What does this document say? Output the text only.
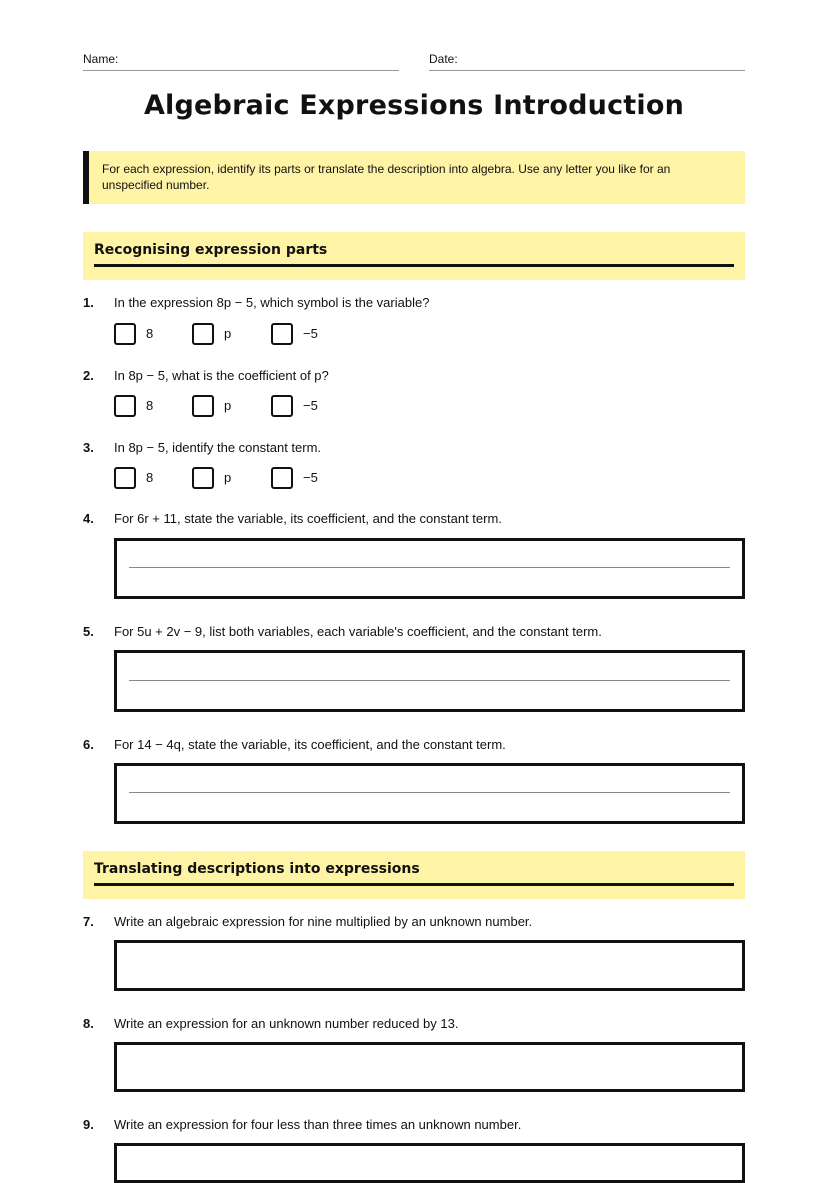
Name:	Date:
Algebraic Expressions Introduction
For each expression, identify its parts or translate the description into algebra. Use any letter you like for an unspecified number.
Recognising expression parts
1. In the expression 8p − 5, which symbol is the variable?
8	p	−5
2. In 8p − 5, what is the coefficient of p?
8	p	−5
3. In 8p − 5, identify the constant term.
8	p	−5
4. For 6r + 11, state the variable, its coefficient, and the constant term.
5. For 5u + 2v − 9, list both variables, each variable's coefficient, and the constant term.
6. For 14 − 4q, state the variable, its coefficient, and the constant term.
Translating descriptions into expressions
7. Write an algebraic expression for nine multiplied by an unknown number.
8. Write an expression for an unknown number reduced by 13.
9. Write an expression for four less than three times an unknown number.
